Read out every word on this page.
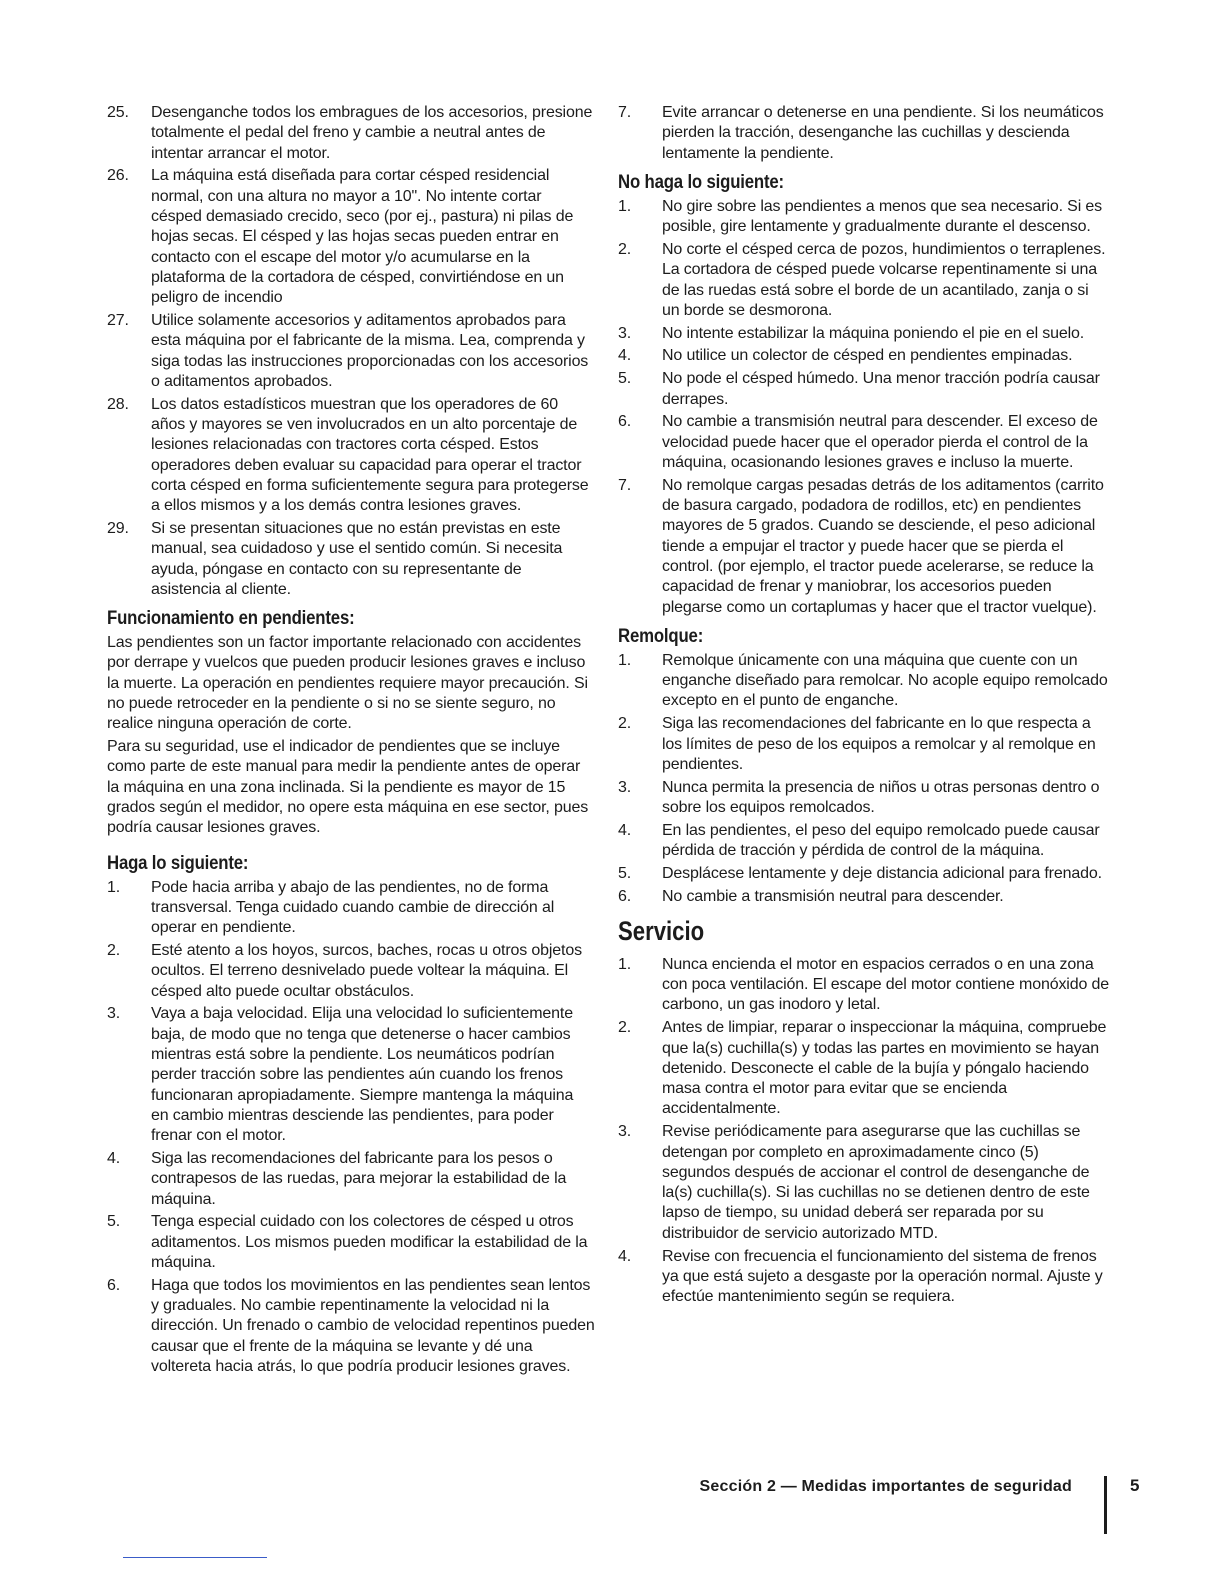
25.	Desenganche todos los embragues de los accesorios, presione totalmente el pedal del freno y cambie a neutral antes de intentar arrancar el motor.
26.	La máquina está diseñada para cortar césped residencial normal, con una altura no mayor a 10". No intente cortar césped demasiado crecido, seco (por ej., pastura) ni pilas de hojas secas. El césped y las hojas secas pueden entrar en contacto con el escape del motor y/o acumularse en la plataforma de la cortadora de césped, convirtiéndose en un peligro de incendio
27.	Utilice solamente accesorios y aditamentos aprobados para esta máquina por el fabricante de la misma. Lea, comprenda y siga todas las instrucciones proporcionadas con los accesorios o aditamentos aprobados.
28.	Los datos estadísticos muestran que los operadores de 60 años y mayores se ven involucrados en un alto porcentaje de lesiones relacionadas con tractores corta césped. Estos operadores deben evaluar su capacidad para operar el tractor corta césped en forma suficientemente segura para protegerse a ellos mismos y a los demás contra lesiones graves.
29.	Si se presentan situaciones que no están previstas en este manual, sea cuidadoso y use el sentido común. Si necesita ayuda, póngase en contacto con su representante de asistencia al cliente.
Funcionamiento en pendientes:

Las pendientes son un factor importante relacionado con accidentes por derrape y vuelcos que pueden producir lesiones graves e incluso la muerte. La operación en pendientes requiere mayor precaución. Si no puede retroceder en la pendiente o si no se siente seguro, no realice ninguna operación de corte.

Para su seguridad, use el indicador de pendientes que se incluye como parte de este manual para medir la pendiente antes de operar la máquina en una zona inclinada. Si la pendiente es mayor de 15 grados según el medidor, no opere esta máquina en ese sector, pues podría causar lesiones graves.

Haga lo siguiente:
1.	Pode hacia arriba y abajo de las pendientes, no de forma transversal. Tenga cuidado cuando cambie de dirección al operar en pendiente.
2.	Esté atento a los hoyos, surcos, baches, rocas u otros objetos ocultos. El terreno desnivelado puede voltear la máquina. El césped alto puede ocultar obstáculos.
3.	Vaya a baja velocidad. Elija una velocidad lo suficientemente baja, de modo que no tenga que detenerse o hacer cambios mientras está sobre la pendiente. Los neumáticos podrían perder tracción sobre las pendientes aún cuando los frenos funcionaran apropiadamente. Siempre mantenga la máquina en cambio mientras desciende las pendientes, para poder frenar con el motor.
4.	Siga las recomendaciones del fabricante para los pesos o contrapesos de las ruedas, para mejorar la estabilidad de la máquina.
5.	Tenga especial cuidado con los colectores de césped u otros aditamentos. Los mismos pueden modificar la estabilidad de la máquina.
6.	Haga que todos los movimientos en las pendientes sean lentos y graduales. No cambie repentinamente la velocidad ni la dirección. Un frenado o cambio de velocidad repentinos pueden causar que el frente de la máquina se levante y dé una voltereta hacia atrás, lo que podría producir lesiones graves.
7.	Evite arrancar o detenerse en una pendiente. Si los neumáticos pierden la tracción, desenganche las cuchillas y descienda lentamente la pendiente.
No haga lo siguiente:
1.	No gire sobre las pendientes a menos que sea necesario. Si es posible, gire lentamente y gradualmente durante el descenso.
2.	No corte el césped cerca de pozos, hundimientos o terraplenes. La cortadora de césped puede volcarse repentinamente si una de las ruedas está sobre el borde de un acantilado, zanja o si un borde se desmorona.
3.	No intente estabilizar la máquina poniendo el pie en el suelo.
4.	No utilice un colector de césped en pendientes empinadas.
5.	No pode el césped húmedo. Una menor tracción podría causar derrapes.
6.	No cambie a transmisión neutral para descender. El exceso de velocidad puede hacer que el operador pierda el control de la máquina, ocasionando lesiones graves e incluso la muerte.
7.	No remolque cargas pesadas detrás de los aditamentos (carrito de basura cargado, podadora de rodillos, etc) en pendientes mayores de 5 grados. Cuando se desciende, el peso adicional tiende a empujar el tractor y puede hacer que se pierda el control. (por ejemplo, el tractor puede acelerarse, se reduce la capacidad de frenar y maniobrar, los accesorios pueden plegarse como un cortaplumas y hacer que el tractor vuelque).
Remolque:
1.	Remolque únicamente con una máquina que cuente con un enganche diseñado para remolcar. No acople equipo remolcado excepto en el punto de enganche.
2.	Siga las recomendaciones del fabricante en lo que respecta a los límites de peso de los equipos a remolcar y al remolque en pendientes.
3.	Nunca permita la presencia de niños u otras personas dentro o sobre los equipos remolcados.
4.	En las pendientes, el peso del equipo remolcado puede causar pérdida de tracción y pérdida de control de la máquina.
5.	Desplácese lentamente y deje distancia adicional para frenado.
6.	No cambie a transmisión neutral para descender.
Servicio
1.	Nunca encienda el motor en espacios cerrados o en una zona con poca ventilación. El escape del motor contiene monóxido de carbono, un gas inodoro y letal.
2.	Antes de limpiar, reparar o inspeccionar la máquina, compruebe que la(s) cuchilla(s) y todas las partes en movimiento se hayan detenido. Desconecte el cable de la bujía y póngalo haciendo masa contra el motor para evitar que se encienda accidentalmente.
3.	Revise periódicamente para asegurarse que las cuchillas se detengan por completo en aproximadamente cinco (5) segundos después de accionar el control de desenganche de la(s) cuchilla(s). Si las cuchillas no se detienen dentro de este lapso de tiempo, su unidad deberá ser reparada por su distribuidor de servicio autorizado MTD.
4.	Revise con frecuencia el funcionamiento del sistema de frenos ya que está sujeto a desgaste por la operación normal. Ajuste y efectúe mantenimiento según se requiera.
Sección 2 — Medidas importantes de seguridad	5
